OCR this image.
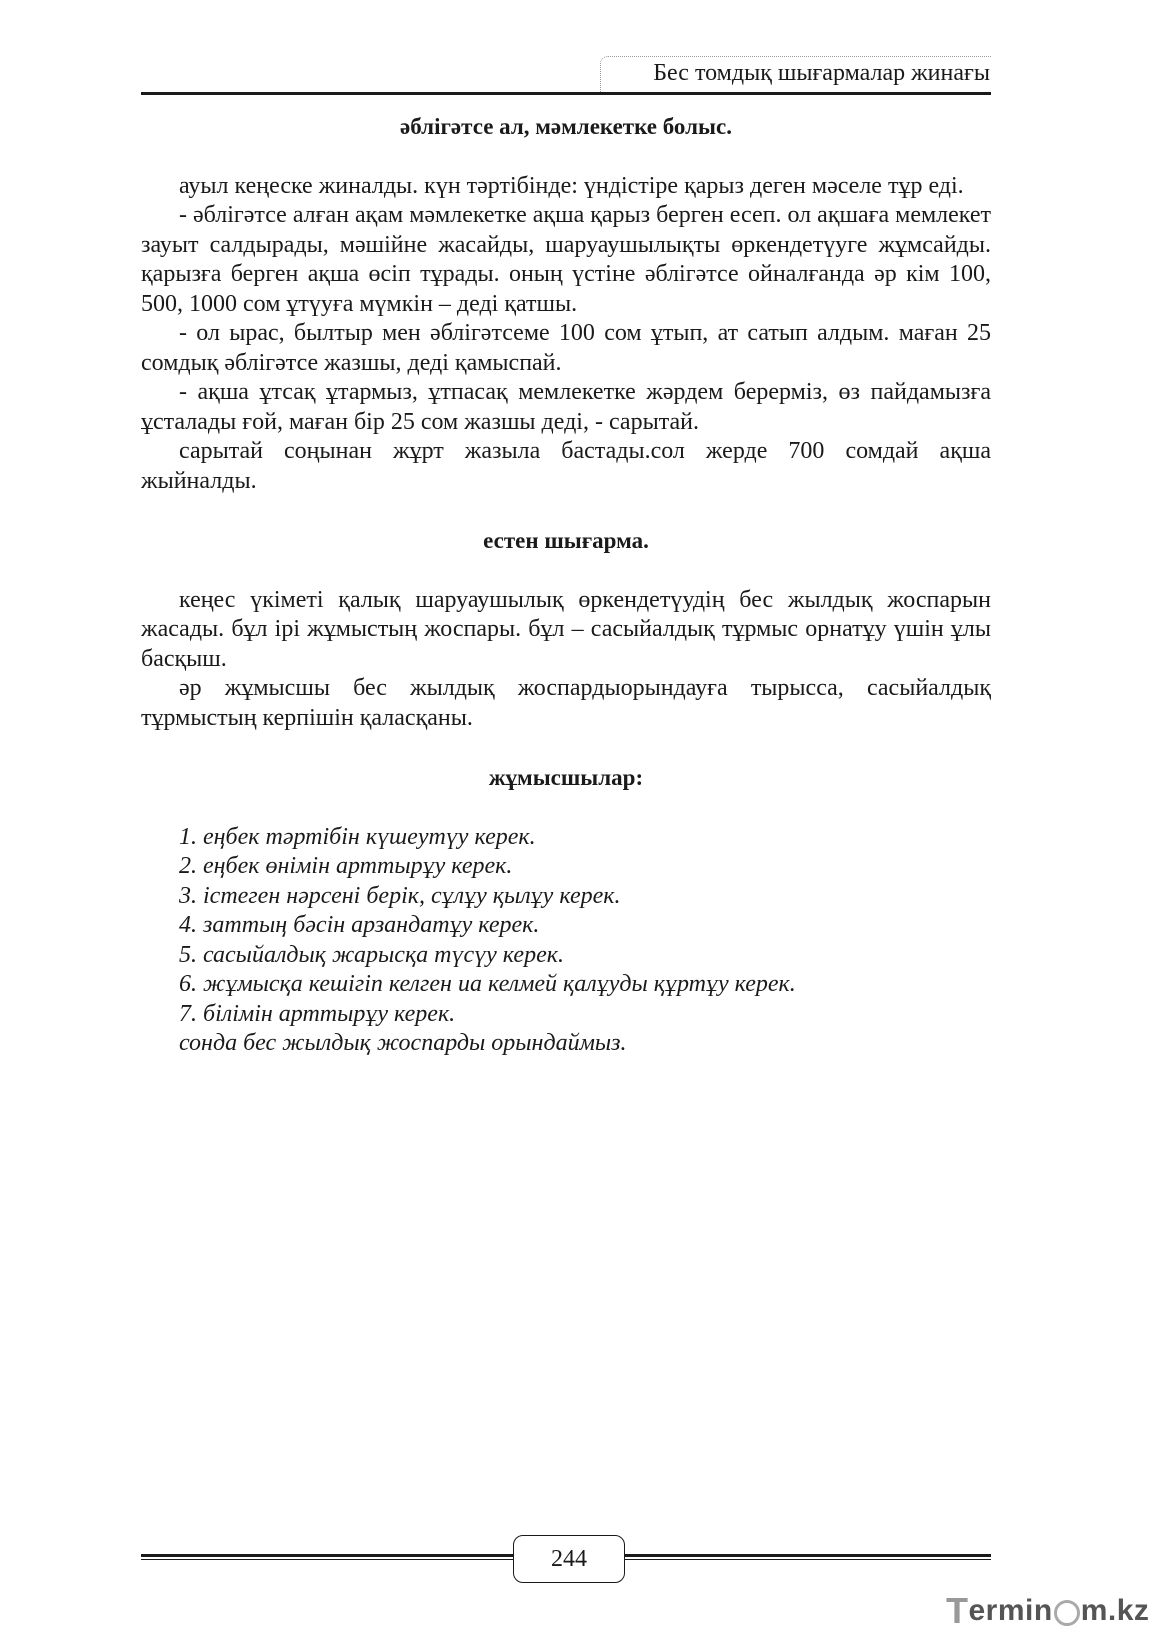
Бес томдық шығармалар жинағы
әблігәтсе ал, мәмлекетке болыс.

ауыл кеңеске жиналды. күн тәртібінде: үндістіре қарыз деген мәселе тұр еді.

- әблігәтсе алған ақам мәмлекетке ақша қарыз берген есеп. ол ақшаға мемлекет зауыт салдырады, мәшійне жасайды, шаруаушылықты өркендетүуге жұмсайды. қарызға берген ақша өсіп тұрады. оның үстіне әблігәтсе ойналғанда әр кім 100, 500, 1000 сом ұтүуға мүмкін – деді қатшы.

- ол ырас, былтыр мен әблігәтсеме 100 сом ұтып, ат сатып алдым. маған 25 сомдық әблігәтсе жазшы, деді қамыспай.

- ақша ұтсақ ұтармыз, ұтпасақ мемлекетке жәрдем берерміз, өз пайдамызға ұсталады ғой, маған бір 25 сом жазшы деді, - сарытай.

сарытай соңынан жұрт жазыла бастады.сол жерде 700 сомдай ақша жыйналды.

естен шығарма.

кеңес үкіметі қалық шаруаушылық өркендетүудің бес жылдық жоспарын жасады. бұл ірі жұмыстың жоспары. бұл – сасыйалдық тұрмыс орнатұу үшін ұлы басқыш.

әр жұмысшы бес жылдық жоспардыорындауға тырысса, сасыйалдық тұрмыстың керпішін қаласқаны.

жұмысшылар:
1. еңбек тәртібін күшеутүу керек.
2. еңбек өнімін арттырұу керек.
3. істеген нәрсені берік, сұлұу қылұу керек.
4. заттың бәсін арзандатұу керек.
5. сасыйалдық жарысқа түсүу керек.
6. жұмысқа кешігіп келген иа келмей қалұуды құртұу керек.
7. білімін арттырұу керек.
сонда бес жылдық жоспарды орындаймыз.
244
T ermin m.kz
